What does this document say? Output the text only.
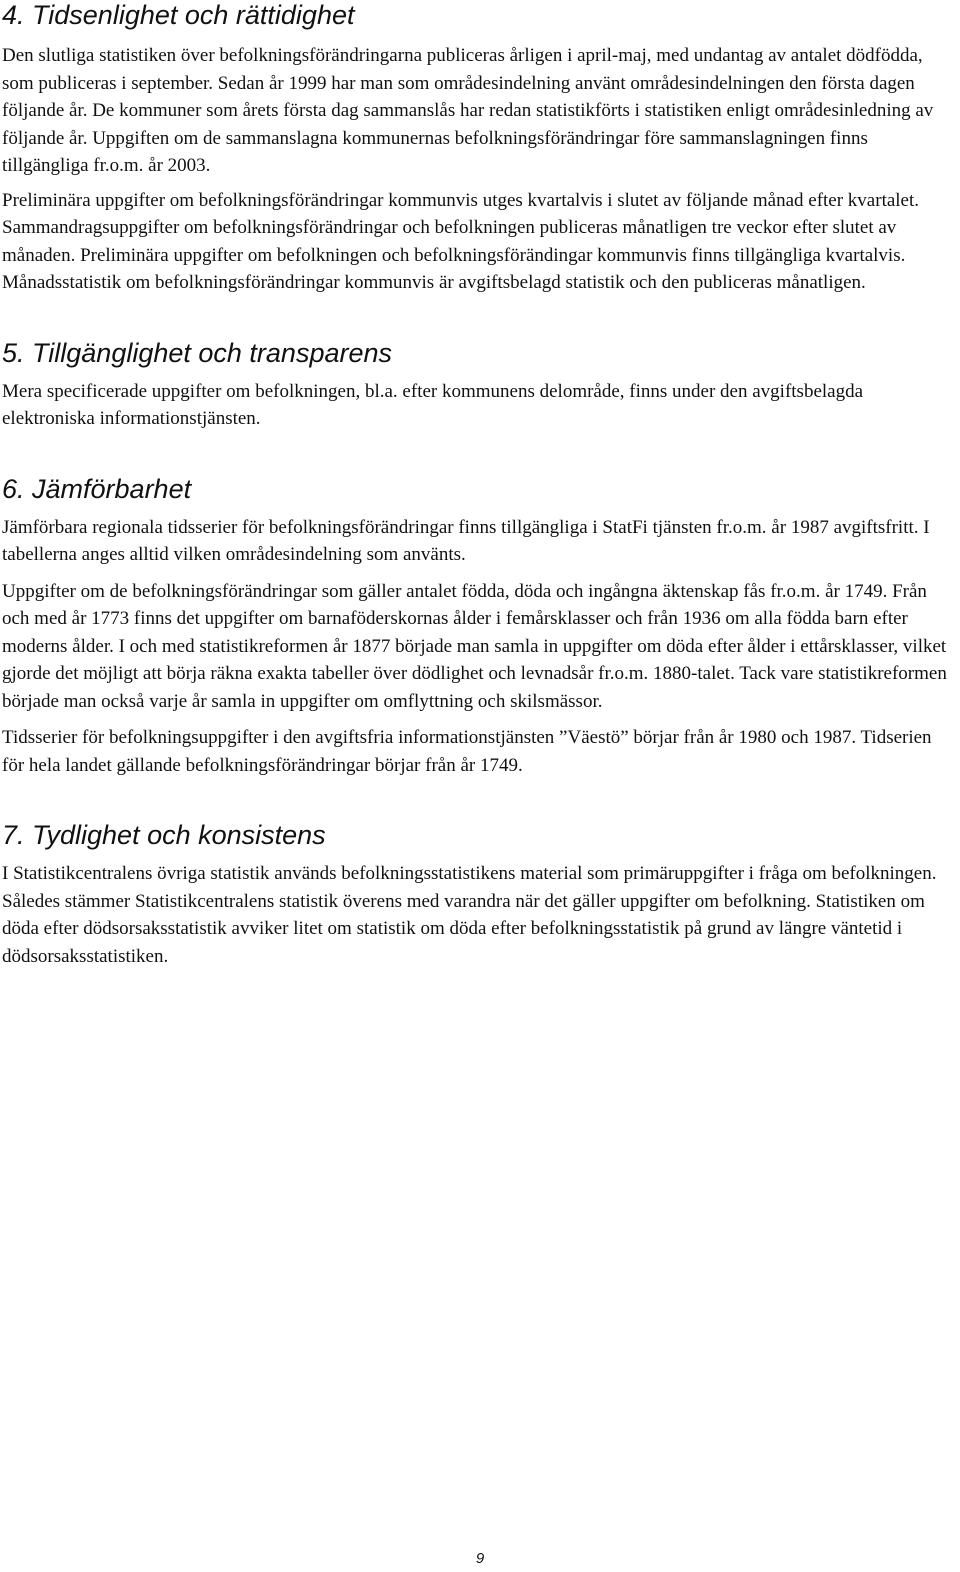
4. Tidsenlighet och rättidighet

Den slutliga statistiken över befolkningsförändringarna publiceras årligen i april-maj, med undantag av antalet dödfödda, som publiceras i september. Sedan år 1999 har man som områdesindelning använt områdesindelningen den första dagen följande år. De kommuner som årets första dag sammanslås har redan statistikförts i statistiken enligt områdesinledning av följande år. Uppgiften om de sammanslagna kommunernas befolkningsförändringar före sammanslagningen finns tillgängliga fr.o.m. år 2003.

Preliminära uppgifter om befolkningsförändringar kommunvis utges kvartalvis i slutet av följande månad efter kvartalet. Sammandragsuppgifter om befolkningsförändringar och befolkningen publiceras månatligen tre veckor efter slutet av månaden. Preliminära uppgifter om befolkningen och befolkningsförändingar kommunvis finns tillgängliga kvartalvis. Månadsstatistik om befolkningsförändringar kommunvis är avgiftsbelagd statistik och den publiceras månatligen.

5. Tillgänglighet och transparens

Mera specificerade uppgifter om befolkningen, bl.a. efter kommunens delområde, finns under den avgiftsbelagda elektroniska informationstjänsten.

6. Jämförbarhet

Jämförbara regionala tidsserier för befolkningsförändringar finns tillgängliga i StatFi tjänsten fr.o.m. år 1987 avgiftsfritt. I tabellerna anges alltid vilken områdesindelning som använts.

Uppgifter om de befolkningsförändringar som gäller antalet födda, döda och ingångna äktenskap fås fr.o.m. år 1749. Från och med år 1773 finns det uppgifter om barnaföderskornas ålder i femårsklasser och från 1936 om alla födda barn efter moderns ålder. I och med statistikreformen år 1877 började man samla in uppgifter om döda efter ålder i ettårsklasser, vilket gjorde det möjligt att börja räkna exakta tabeller över dödlighet och levnadsår fr.o.m. 1880-talet. Tack vare statistikreformen började man också varje år samla in uppgifter om omflyttning och skilsmässor.

Tidsserier för befolkningsuppgifter i den avgiftsfria informationstjänsten ”Väestö” börjar från år 1980 och 1987. Tidserien för hela landet gällande befolkningsförändringar börjar från år 1749.

7. Tydlighet och konsistens

I Statistikcentralens övriga statistik används befolkningsstatistikens material som primäruppgifter i fråga om befolkningen. Således stämmer Statistikcentralens statistik överens med varandra när det gäller uppgifter om befolkning. Statistiken om döda efter dödsorsaksstatistik avviker litet om statistik om döda efter befolkningsstatistik på grund av längre väntetid i dödsorsaksstatistiken.

9
